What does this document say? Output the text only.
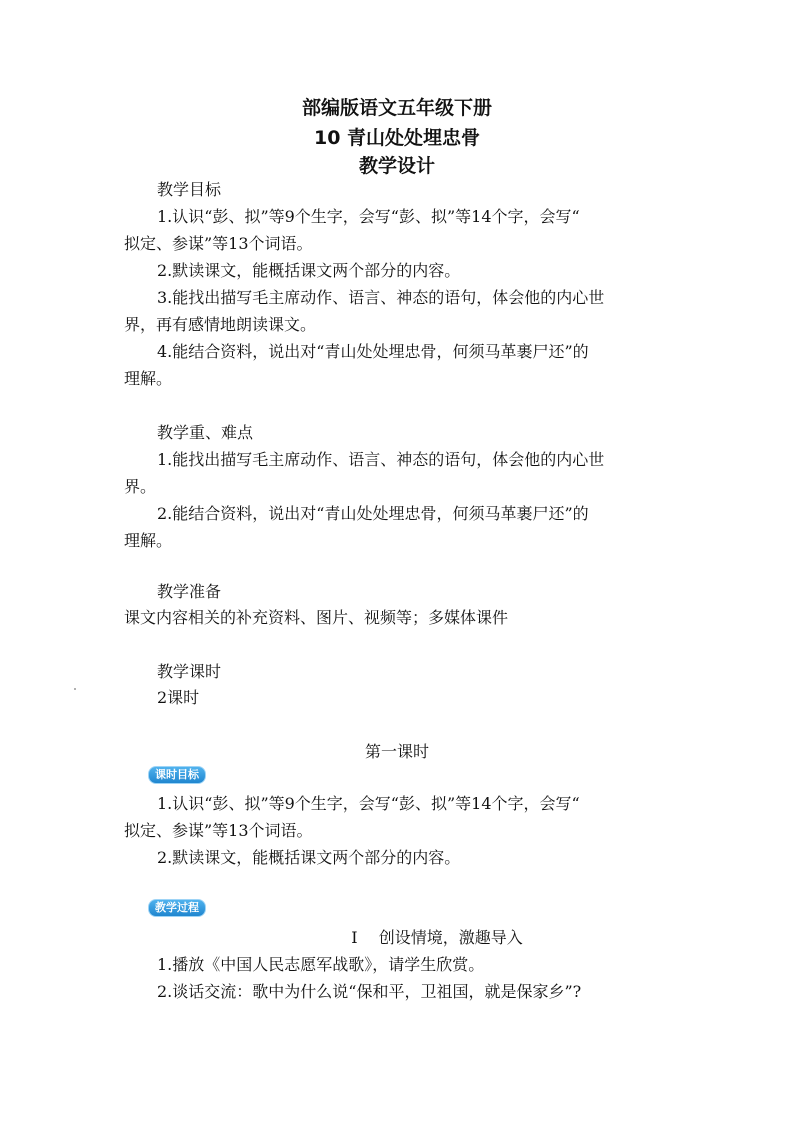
部编版语文五年级下册
10 青山处处埋忠骨
教学设计
教学目标
1.认识“彭、拟”等9个生字，会写“彭、拟”等14个字，会写“
拟定、参谋”等13个词语。
2.默读课文，能概括课文两个部分的内容。
3.能找出描写毛主席动作、语言、神态的语句，体会他的内心世
界，再有感情地朗读课文。
4.能结合资料，说出对“青山处处埋忠骨，何须马革裹尸还”的
理解。
教学重、难点
1.能找出描写毛主席动作、语言、神态的语句，体会他的内心世
界。
2.能结合资料，说出对“青山处处埋忠骨，何须马革裹尸还”的
理解。
教学准备
课文内容相关的补充资料、图片、视频等；多媒体课件
教学课时
2课时
第一课时
课时目标
1.认识“彭、拟”等9个生字，会写“彭、拟”等14个字，会写“
拟定、参谋”等13个词语。
2.默读课文，能概括课文两个部分的内容。
教学过程
Ⅰ　 创设情境，激趣导入
1.播放《中国人民志愿军战歌》，请学生欣赏。
2.谈话交流：歌中为什么说“保和平，卫祖国，就是保家乡”?
